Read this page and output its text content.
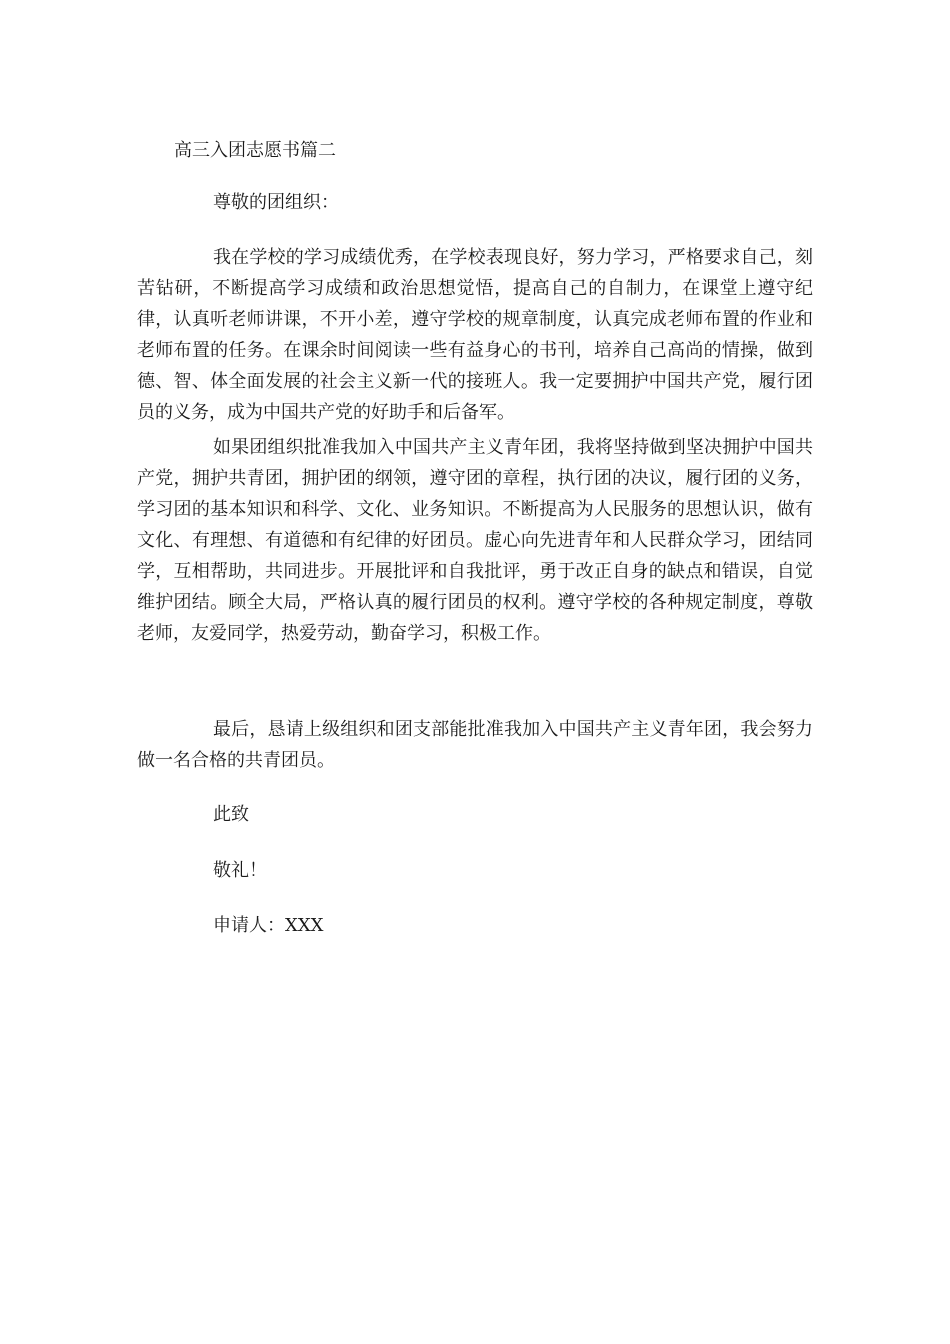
高三入团志愿书篇二
尊敬的团组织：

我在学校的学习成绩优秀，在学校表现良好，努力学习，严格要求自己，刻苦钻研，不断提高学习成绩和政治思想觉悟，提高自己的自制力，在课堂上遵守纪律，认真听老师讲课，不开小差，遵守学校的规章制度，认真完成老师布置的作业和老师布置的任务。在课余时间阅读一些有益身心的书刊，培养自己高尚的情操，做到德、智、体全面发展的社会主义新一代的接班人。我一定要拥护中国共产党，履行团员的义务，成为中国共产党的好助手和后备军。

如果团组织批准我加入中国共产主义青年团，我将坚持做到坚决拥护中国共产党，拥护共青团，拥护团的纲领，遵守团的章程，执行团的决议，履行团的义务，学习团的基本知识和科学、文化、业务知识。不断提高为人民服务的思想认识，做有文化、有理想、有道德和有纪律的好团员。虚心向先进青年和人民群众学习，团结同学，互相帮助，共同进步。开展批评和自我批评，勇于改正自身的缺点和错误，自觉维护团结。顾全大局，严格认真的履行团员的权利。遵守学校的各种规定制度，尊敬老师，友爱同学，热爱劳动，勤奋学习，积极工作。

最后，恳请上级组织和团支部能批准我加入中国共产主义青年团，我会努力做一名合格的共青团员。

此致
敬礼！
申请人：XXX
